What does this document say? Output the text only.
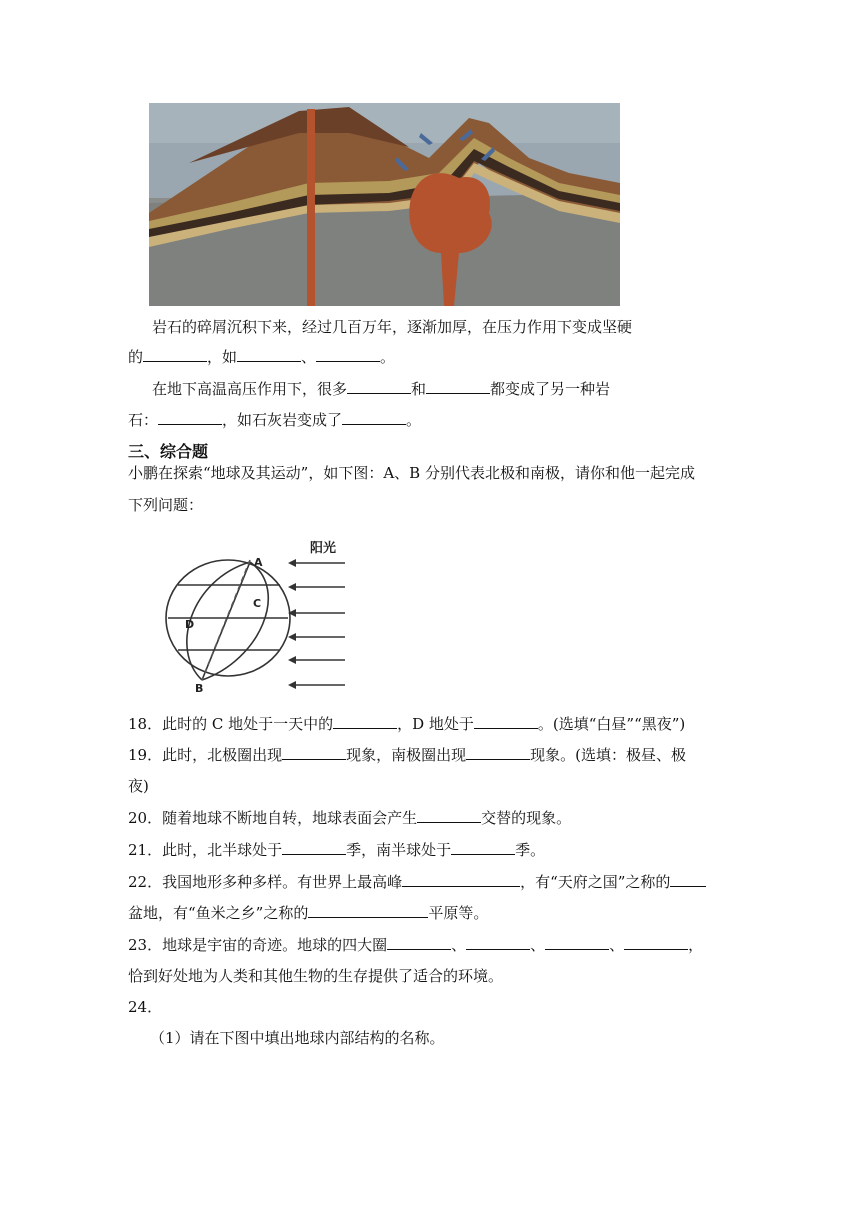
岩石的碎屑沉积下来，经过几百万年，逐渐加厚，在压力作用下变成坚硬
的	，如	、	。
在地下高温高压作用下，很多	和	都变成了另一种岩
石：	，如石灰岩变成了	。
三、综合题
小鹏在探索“地球及其运动”，如下图：A、B 分别代表北极和南极，请你和他一起完成
下列问题：
阳光
A
B
C
D
18．此时的 C 地处于一天中的	，D 地处于	。(选填“白昼”“黑夜”)
19．此时，北极圈出现	现象，南极圈出现	现象。(选填：极昼、极
夜)
20．随着地球不断地自转，地球表面会产生	交替的现象。
21．此时，北半球处于	季，南半球处于	季。
22．我国地形多种多样。有世界上最高峰	，有“天府之国”之称的
盆地，有“鱼米之乡”之称的	平原等。
23．地球是宇宙的奇迹。地球的四大圈	、	、	、	，
恰到好处地为人类和其他生物的生存提供了适合的环境。
24．
（1）请在下图中填出地球内部结构的名称。
